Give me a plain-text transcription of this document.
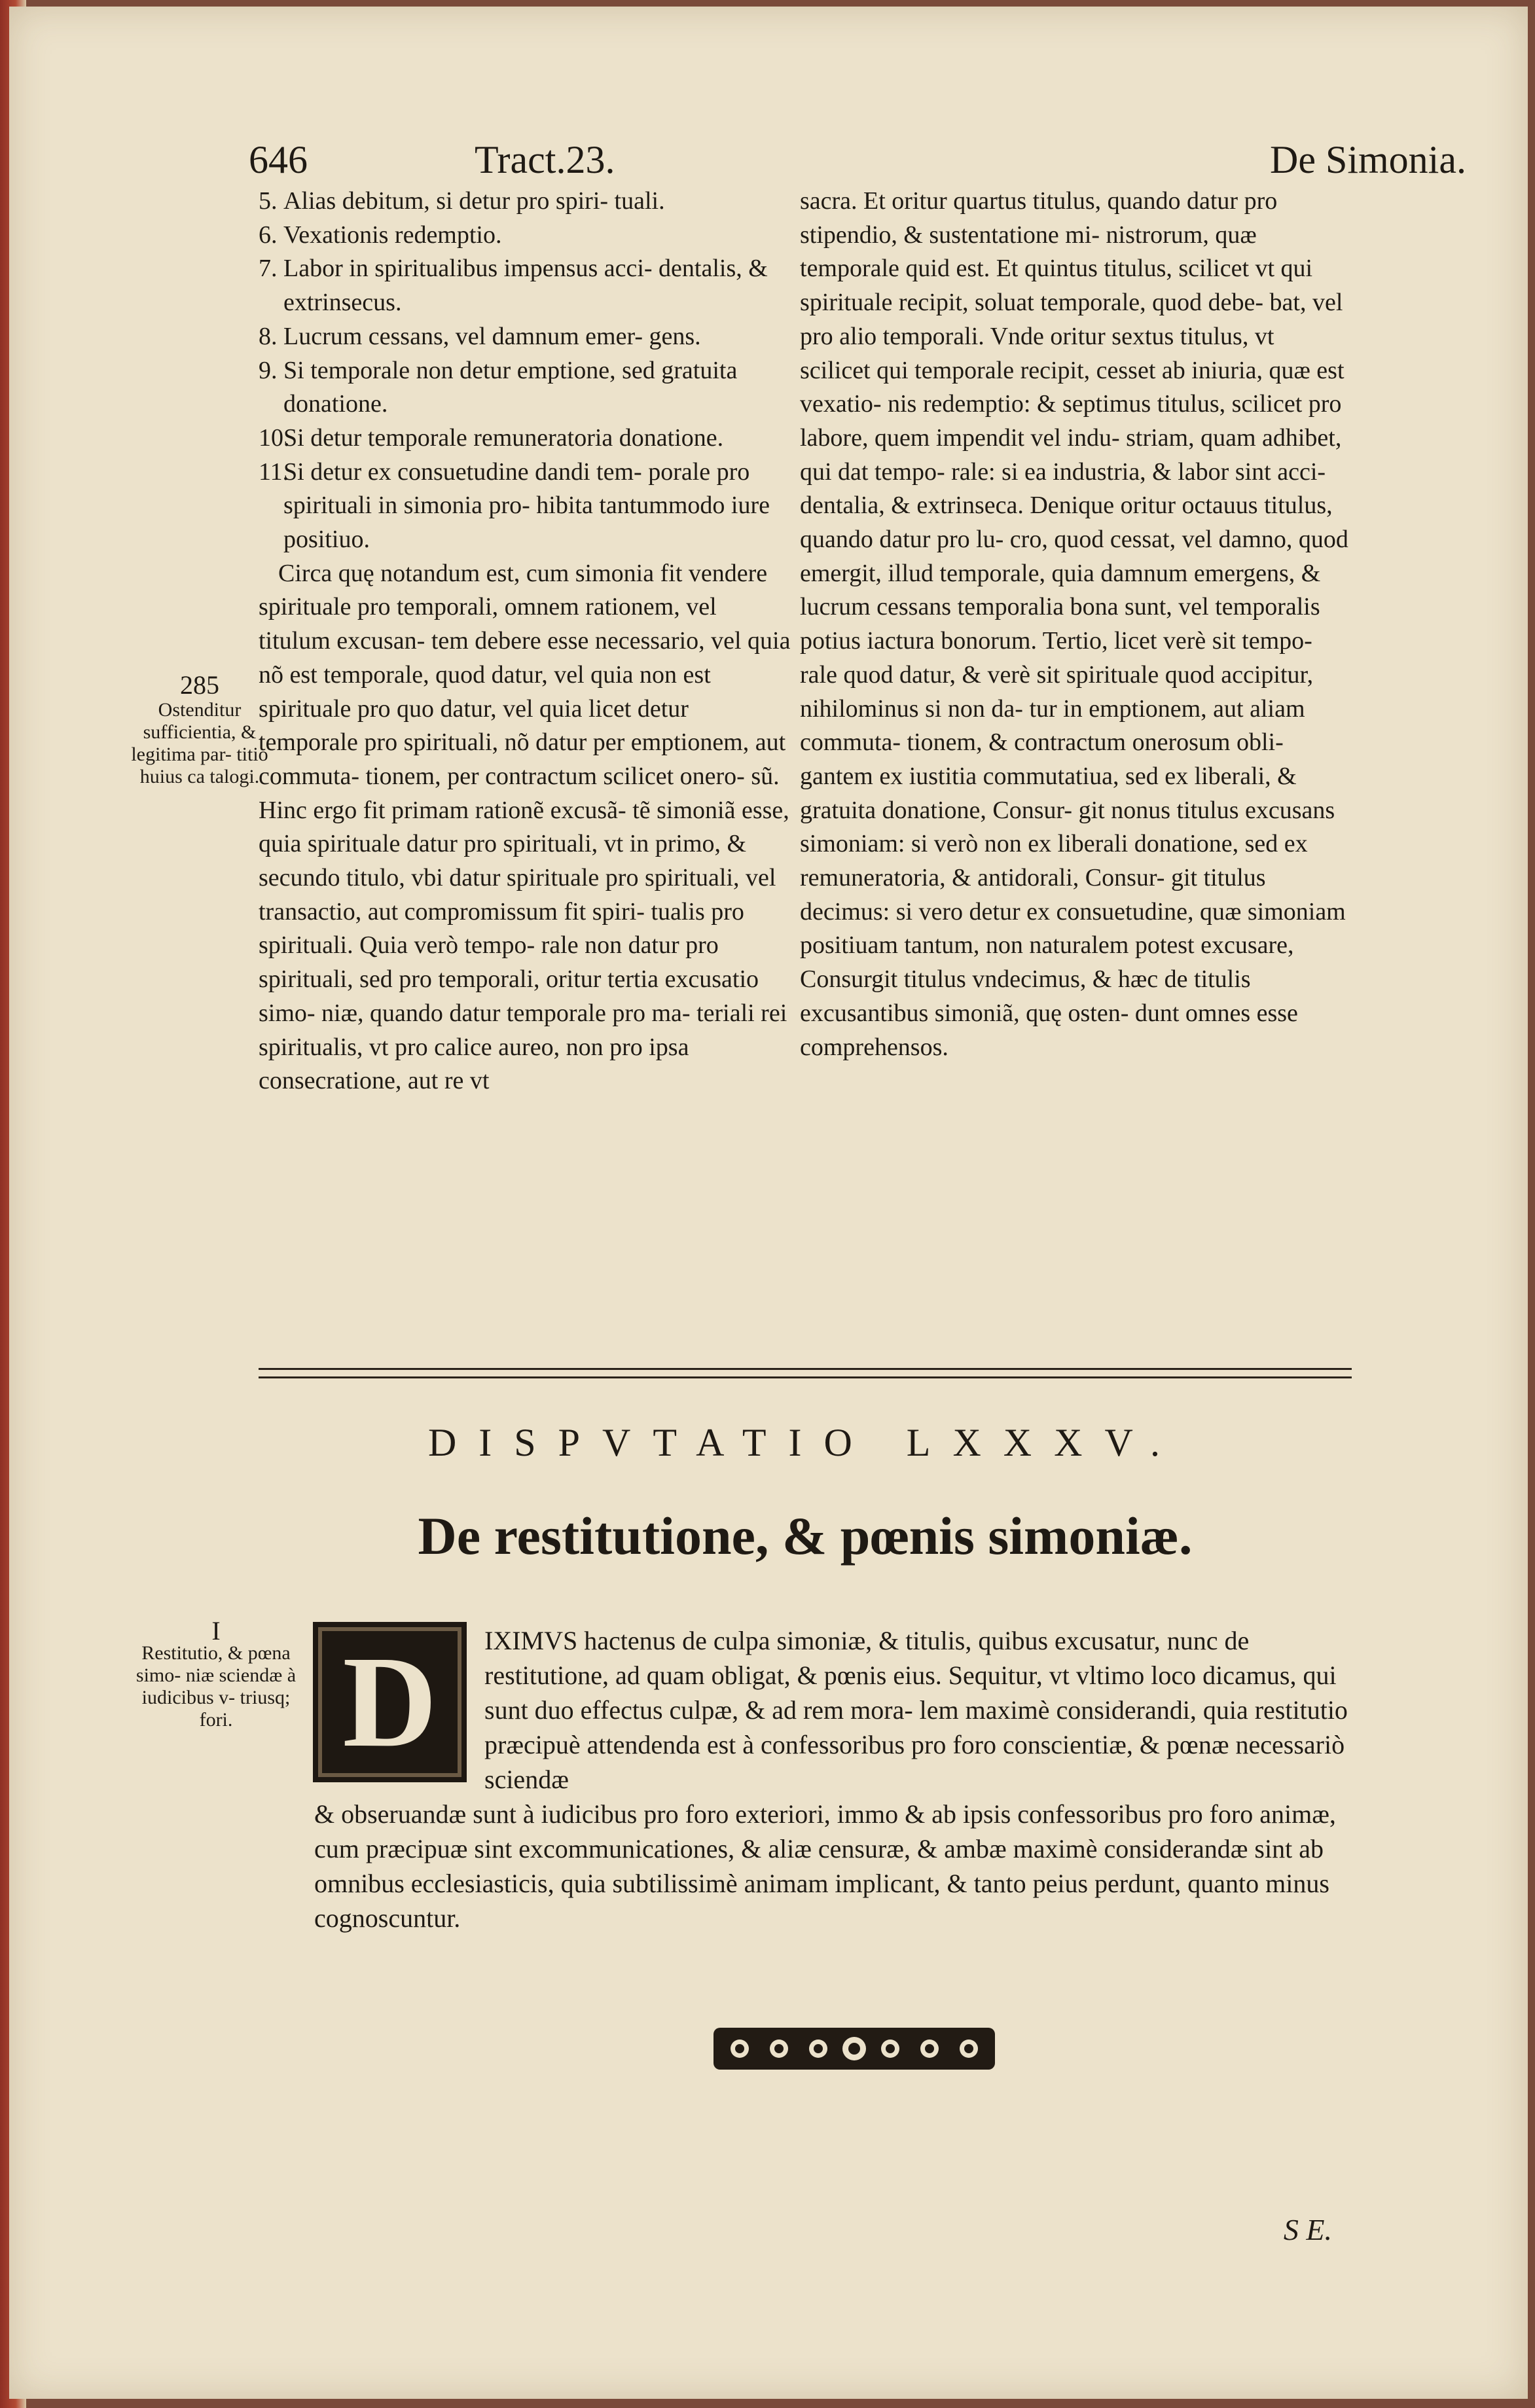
646	Tract.23.	De Simonia.

5. Alias debitum, si detur pro spiri- tuali.

6. Vexationis redemptio.

7. Labor in spiritualibus impensus acci- dentalis, & extrinsecus.

8. Lucrum cessans, vel damnum emer- gens.

9. Si temporale non detur emptione, sed gratuita donatione.

10.Si detur temporale remuneratoria donatione.

11.Si detur ex consuetudine dandi tem- porale pro spirituali in simonia pro- hibita tantummodo iure positiuo.

Circa quę notandum est, cum simonia fit vendere spirituale pro temporali, omnem rationem, vel titulum excusan- tem debere esse necessario, vel quia nõ est temporale, quod datur, vel quia non est spirituale pro quo datur, vel quia licet detur temporale pro spirituali, nõ datur per emptionem, aut commuta- tionem, per contractum scilicet onero- sũ. Hinc ergo fit primam rationẽ excusã- tẽ simoniã esse, quia spirituale datur pro spirituali, vt in primo, & secundo titulo, vbi datur spirituale pro spirituali, vel transactio, aut compromissum fit spiri- tualis pro spirituali. Quia verò tempo- rale non datur pro spirituali, sed pro temporali, oritur tertia excusatio simo- niæ, quando datur temporale pro ma- teriali rei spiritualis, vt pro calice aureo, non pro ipsa consecratione, aut re vt

sacra. Et oritur quartus titulus, quando datur pro stipendio, & sustentatione mi- nistrorum, quæ temporale quid est. Et quintus titulus, scilicet vt qui spirituale recipit, soluat temporale, quod debe- bat, vel pro alio temporali. Vnde oritur sextus titulus, vt scilicet qui temporale recipit, cesset ab iniuria, quæ est vexatio- nis redemptio: & septimus titulus, scilicet pro labore, quem impendit vel indu- striam, quam adhibet, qui dat tempo- rale: si ea industria, & labor sint acci- dentalia, & extrinseca. Denique oritur octauus titulus, quando datur pro lu- cro, quod cessat, vel damno, quod emergit, illud temporale, quia damnum emergens, & lucrum cessans temporalia bona sunt, vel temporalis potius iactura bonorum. Tertio, licet verè sit tempo- rale quod datur, & verè sit spirituale quod accipitur, nihilominus si non da- tur in emptionem, aut aliam commuta- tionem, & contractum onerosum obli- gantem ex iustitia commutatiua, sed ex liberali, & gratuita donatione, Consur- git nonus titulus excusans simoniam: si verò non ex liberali donatione, sed ex remuneratoria, & antidorali, Consur- git titulus decimus: si vero detur ex consuetudine, quæ simoniam positiuam tantum, non naturalem potest excusare, Consurgit titulus vndecimus, & hæc de titulis excusantibus simoniã, quę osten- dunt omnes esse comprehensos.

285
Ostenditur sufficientia, & legitima par- titio huius ca talogi.
DISPVTATIO LXXXV.
De restitutione, & pœnis simoniæ.
I
Restitutio, & pœna simo- niæ sciendæ à iudicibus v- triusq; fori. D	IXIMVS hactenus de culpa simoniæ, & titulis, quibus excusatur, nunc de restitutione, ad quam obligat, & pœnis eius. Sequitur, vt vltimo loco dicamus, qui sunt duo effectus culpæ, & ad rem mora- lem maximè considerandi, quia restitutio præcipuè attendenda est à confessoribus pro foro conscientiæ, & pœnæ necessariò sciendæ

& obseruandæ sunt à iudicibus pro foro exteriori, immo & ab ipsis confessoribus pro foro animæ, cum præcipuæ sint excommunicationes, & aliæ censuræ, & ambæ maximè considerandæ sint ab omnibus ecclesiasticis, quia subtilissimè animam implicant, & tanto peius perdunt, quanto minus cognoscuntur.

S E.
